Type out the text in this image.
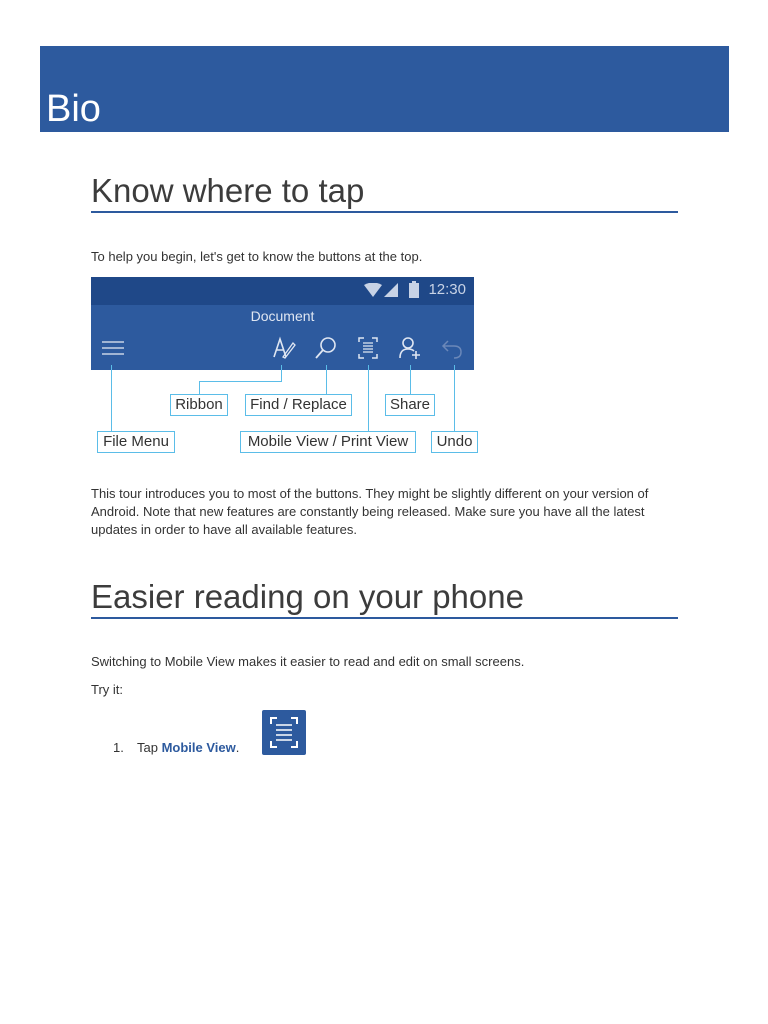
Bio
Know where to tap
To help you begin, let's get to know the buttons at the top.
12:30
Document
Ribbon	Find / Replace	Share
File Menu	Mobile View / Print View	Undo
This tour introduces you to most of the buttons. They might be slightly different on your version of Android. Note that new features are constantly being released. Make sure you have all the latest updates in order to have all available features.
Easier reading on your phone
Switching to Mobile View makes it easier to read and edit on small screens.
Try it:
1. Tap Mobile View.
